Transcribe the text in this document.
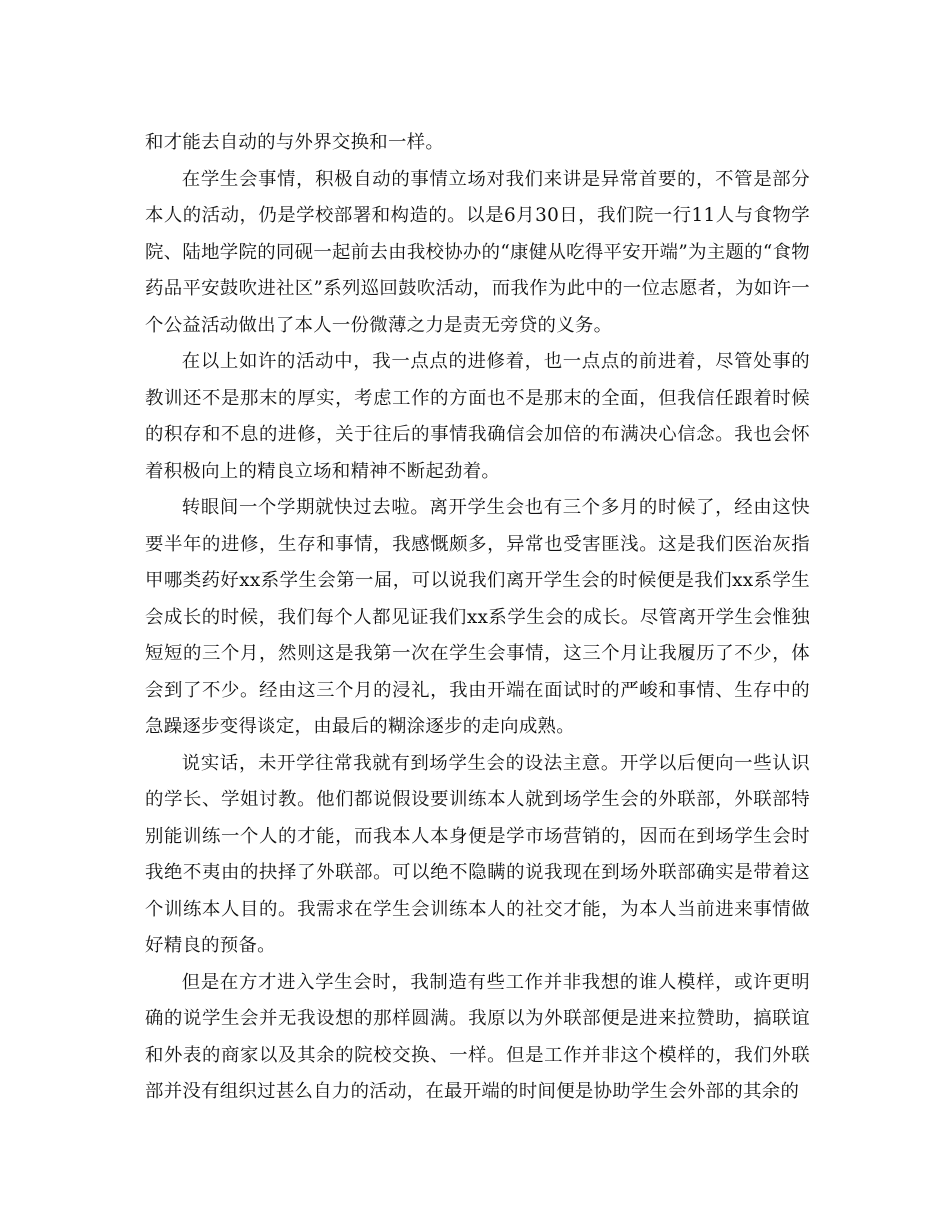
和才能去自动的与外界交换和一样。

在学生会事情，积极自动的事情立场对我们来讲是异常首要的，不管是部分本人的活动，仍是学校部署和构造的。以是6月30日，我们院一行11人与食物学院、陆地学院的同砚一起前去由我校协办的“康健从吃得平安开端”为主题的“食物药品平安鼓吹进社区”系列巡回鼓吹活动，而我作为此中的一位志愿者，为如许一个公益活动做出了本人一份微薄之力是责无旁贷的义务。

在以上如许的活动中，我一点点的进修着，也一点点的前进着，尽管处事的教训还不是那末的厚实，考虑工作的方面也不是那末的全面，但我信任跟着时候的积存和不息的进修，关于往后的事情我确信会加倍的布满决心信念。我也会怀着积极向上的精良立场和精神不断起劲着。

转眼间一个学期就快过去啦。离开学生会也有三个多月的时候了，经由这快要半年的进修，生存和事情，我感慨颇多，异常也受害匪浅。这是我们医治灰指甲哪类药好xx系学生会第一届，可以说我们离开学生会的时候便是我们xx系学生会成长的时候，我们每个人都见证我们xx系学生会的成长。尽管离开学生会惟独短短的三个月，然则这是我第一次在学生会事情，这三个月让我履历了不少，体会到了不少。经由这三个月的浸礼，我由开端在面试时的严峻和事情、生存中的急躁逐步变得谈定，由最后的糊涂逐步的走向成熟。

说实话，未开学往常我就有到场学生会的设法主意。开学以后便向一些认识的学长、学姐讨教。他们都说假设要训练本人就到场学生会的外联部，外联部特别能训练一个人的才能，而我本人本身便是学市场营销的，因而在到场学生会时我绝不夷由的抉择了外联部。可以绝不隐瞒的说我现在到场外联部确实是带着这个训练本人目的。我需求在学生会训练本人的社交才能，为本人当前进来事情做好精良的预备。

但是在方才进入学生会时，我制造有些工作并非我想的谁人模样，或许更明确的说学生会并无我设想的那样圆满。我原以为外联部便是进来拉赞助，搞联谊和外表的商家以及其余的院校交换、一样。但是工作并非这个模样的，我们外联部并没有组织过甚么自力的活动，在最开端的时间便是协助学生会外部的其余的
